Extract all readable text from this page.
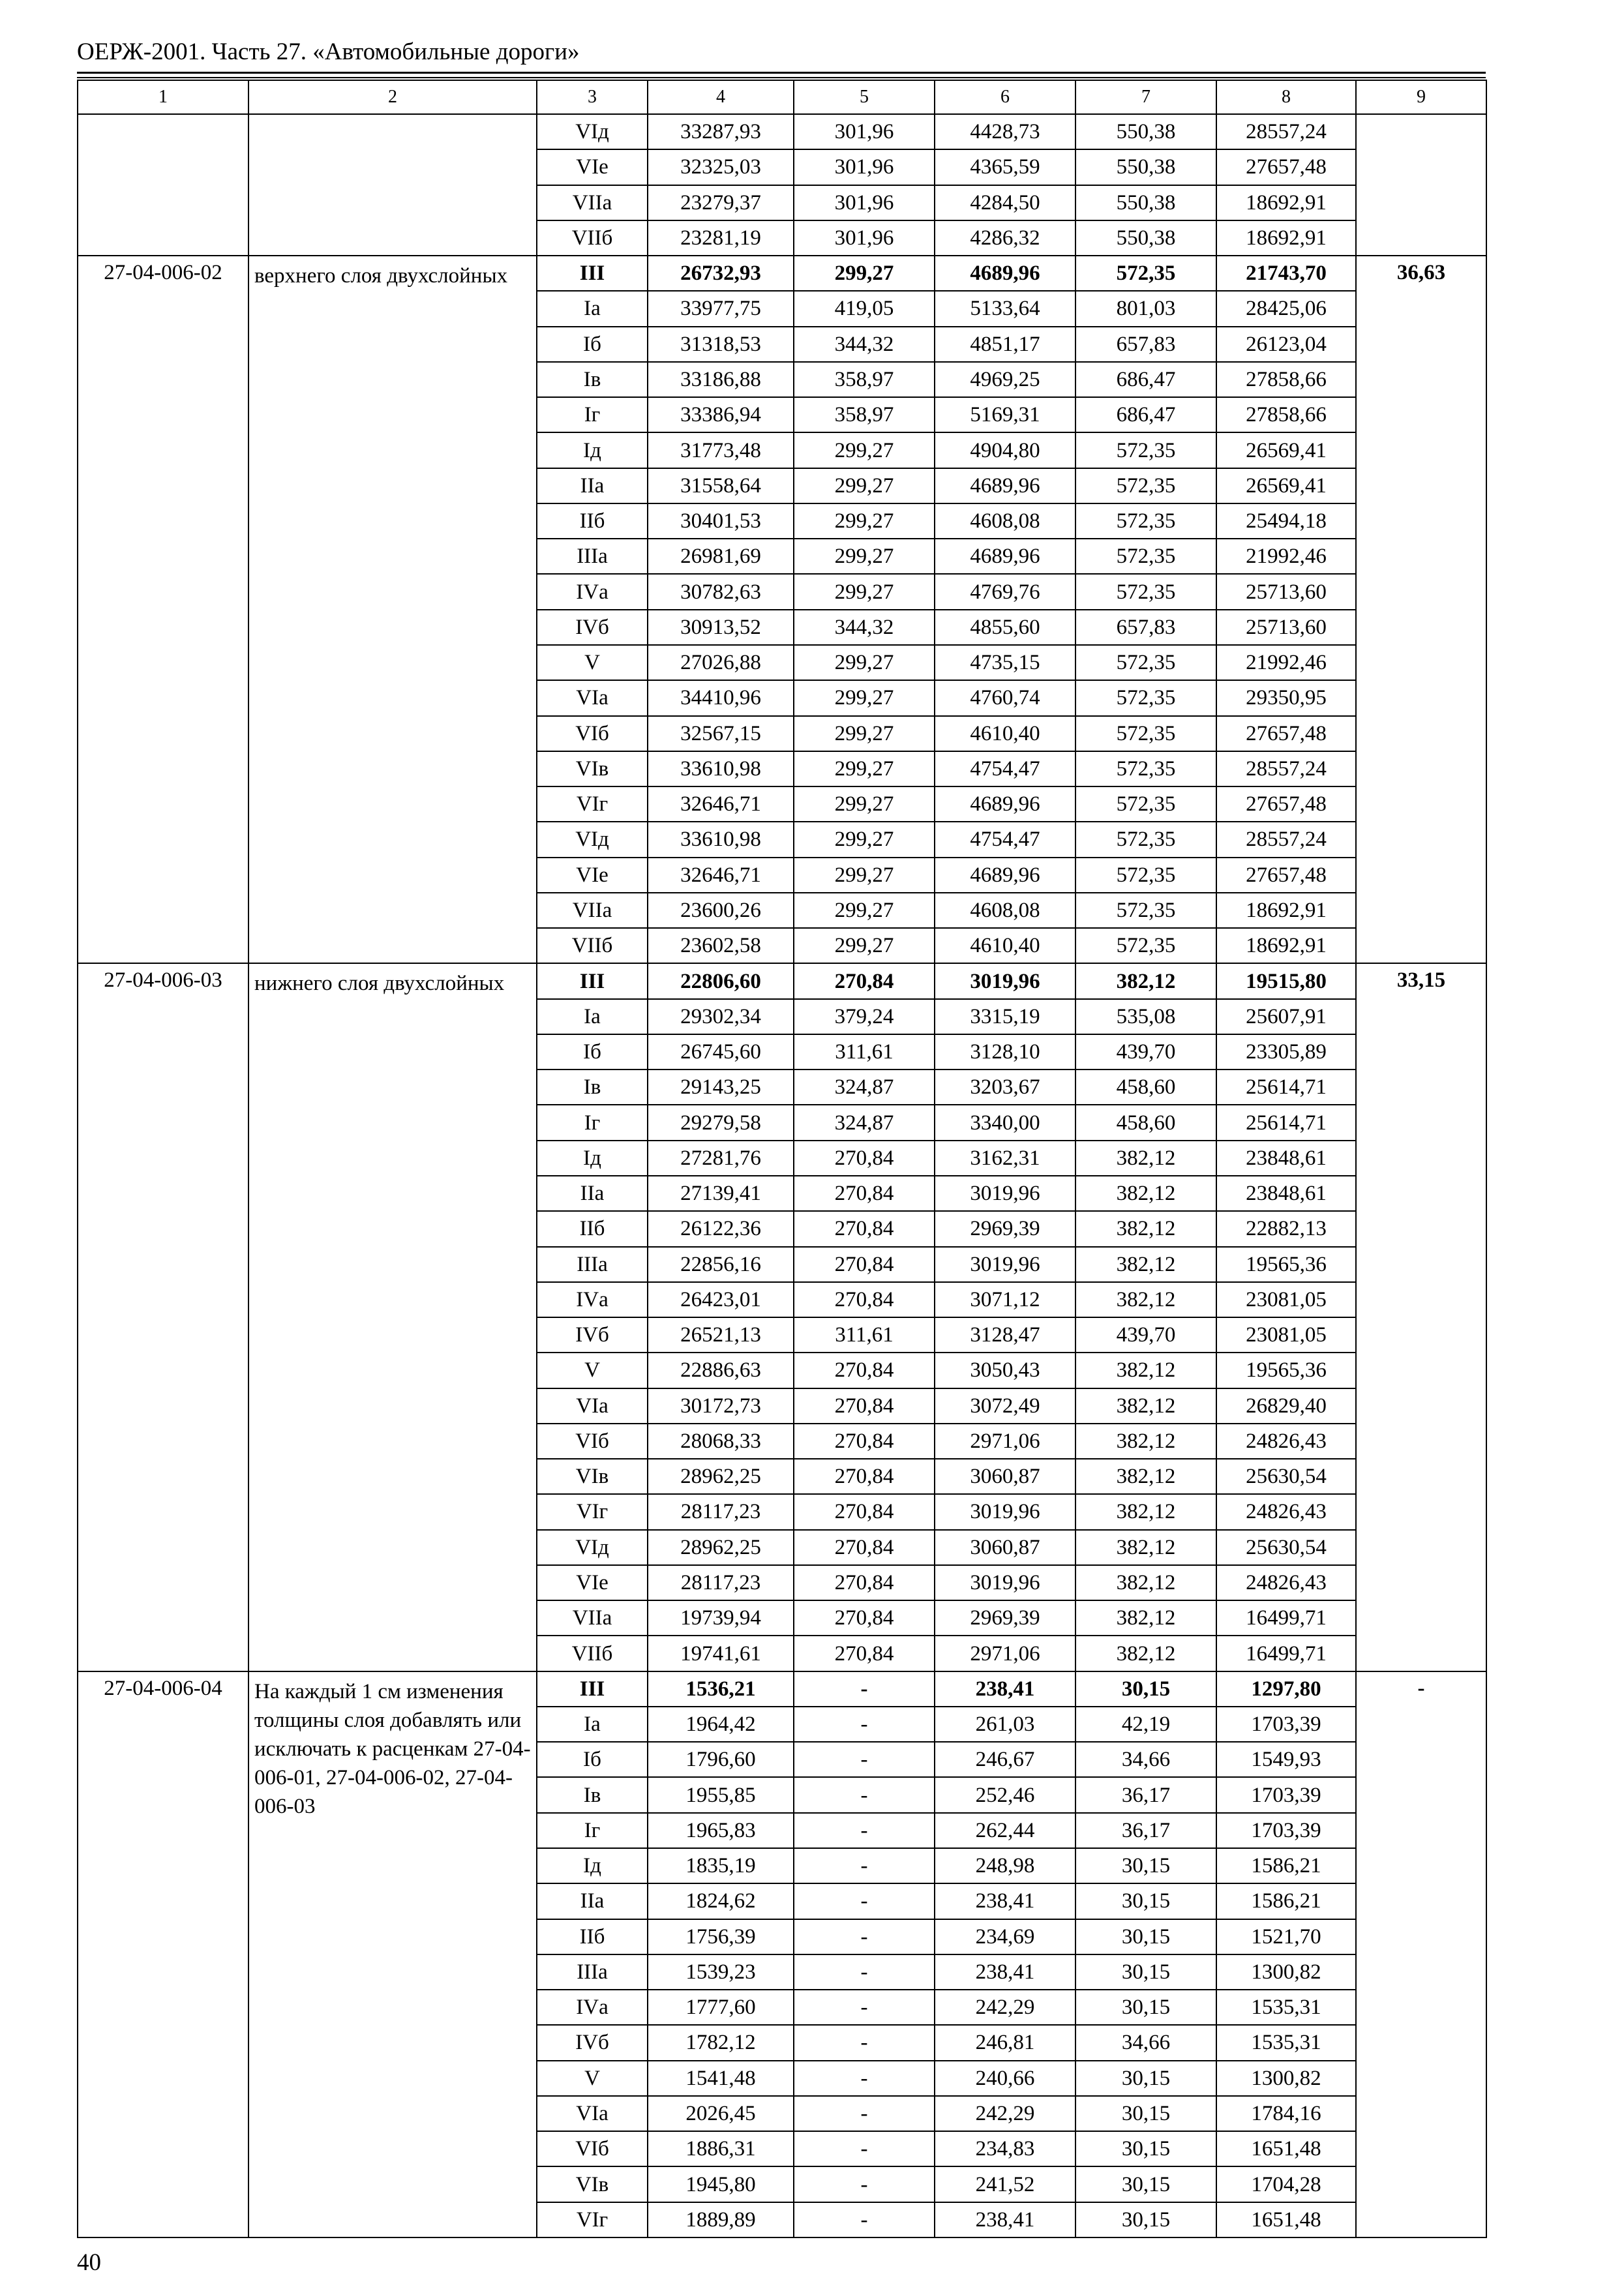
ОЕРЖ-2001. Часть 27. «Автомобильные дороги»
1	2	3	4	5	6	7	8	9
		VIд	33287,93	301,96	4428,73	550,38	28557,24	
		VIе	32325,03	301,96	4365,59	550,38	27657,48	
		VIIа	23279,37	301,96	4284,50	550,38	18692,91	
		VIIб	23281,19	301,96	4286,32	550,38	18692,91	
27-04-006-02	верхнего слоя двухслойных	III	26732,93	299,27	4689,96	572,35	21743,70	36,63
		Iа	33977,75	419,05	5133,64	801,03	28425,06	
		Iб	31318,53	344,32	4851,17	657,83	26123,04	
		Iв	33186,88	358,97	4969,25	686,47	27858,66	
		Iг	33386,94	358,97	5169,31	686,47	27858,66	
		Iд	31773,48	299,27	4904,80	572,35	26569,41	
		IIа	31558,64	299,27	4689,96	572,35	26569,41	
		IIб	30401,53	299,27	4608,08	572,35	25494,18	
		IIIа	26981,69	299,27	4689,96	572,35	21992,46	
		IVа	30782,63	299,27	4769,76	572,35	25713,60	
		IVб	30913,52	344,32	4855,60	657,83	25713,60	
		V	27026,88	299,27	4735,15	572,35	21992,46	
		VIа	34410,96	299,27	4760,74	572,35	29350,95	
		VIб	32567,15	299,27	4610,40	572,35	27657,48	
		VIв	33610,98	299,27	4754,47	572,35	28557,24	
		VIг	32646,71	299,27	4689,96	572,35	27657,48	
		VIд	33610,98	299,27	4754,47	572,35	28557,24	
		VIе	32646,71	299,27	4689,96	572,35	27657,48	
		VIIа	23600,26	299,27	4608,08	572,35	18692,91	
		VIIб	23602,58	299,27	4610,40	572,35	18692,91	
27-04-006-03	нижнего слоя двухслойных	III	22806,60	270,84	3019,96	382,12	19515,80	33,15
		Iа	29302,34	379,24	3315,19	535,08	25607,91	
		Iб	26745,60	311,61	3128,10	439,70	23305,89	
		Iв	29143,25	324,87	3203,67	458,60	25614,71	
		Iг	29279,58	324,87	3340,00	458,60	25614,71	
		Iд	27281,76	270,84	3162,31	382,12	23848,61	
		IIа	27139,41	270,84	3019,96	382,12	23848,61	
		IIб	26122,36	270,84	2969,39	382,12	22882,13	
		IIIа	22856,16	270,84	3019,96	382,12	19565,36	
		IVа	26423,01	270,84	3071,12	382,12	23081,05	
		IVб	26521,13	311,61	3128,47	439,70	23081,05	
		V	22886,63	270,84	3050,43	382,12	19565,36	
		VIа	30172,73	270,84	3072,49	382,12	26829,40	
		VIб	28068,33	270,84	2971,06	382,12	24826,43	
		VIв	28962,25	270,84	3060,87	382,12	25630,54	
		VIг	28117,23	270,84	3019,96	382,12	24826,43	
		VIд	28962,25	270,84	3060,87	382,12	25630,54	
		VIе	28117,23	270,84	3019,96	382,12	24826,43	
		VIIа	19739,94	270,84	2969,39	382,12	16499,71	
		VIIб	19741,61	270,84	2971,06	382,12	16499,71	
27-04-006-04	На каждый 1 см изменения толщины слоя добавлять или исключать к расценкам 27-04-006-01, 27-04-006-02, 27-04-006-03	III	1536,21	-	238,41	30,15	1297,80	-
		Iа	1964,42	-	261,03	42,19	1703,39	
		Iб	1796,60	-	246,67	34,66	1549,93	
		Iв	1955,85	-	252,46	36,17	1703,39	
		Iг	1965,83	-	262,44	36,17	1703,39	
		Iд	1835,19	-	248,98	30,15	1586,21	
		IIа	1824,62	-	238,41	30,15	1586,21	
		IIб	1756,39	-	234,69	30,15	1521,70	
		IIIа	1539,23	-	238,41	30,15	1300,82	
		IVа	1777,60	-	242,29	30,15	1535,31	
		IVб	1782,12	-	246,81	34,66	1535,31	
		V	1541,48	-	240,66	30,15	1300,82	
		VIа	2026,45	-	242,29	30,15	1784,16	
		VIб	1886,31	-	234,83	30,15	1651,48	
		VIв	1945,80	-	241,52	30,15	1704,28	
		VIг	1889,89	-	238,41	30,15	1651,48	
40
